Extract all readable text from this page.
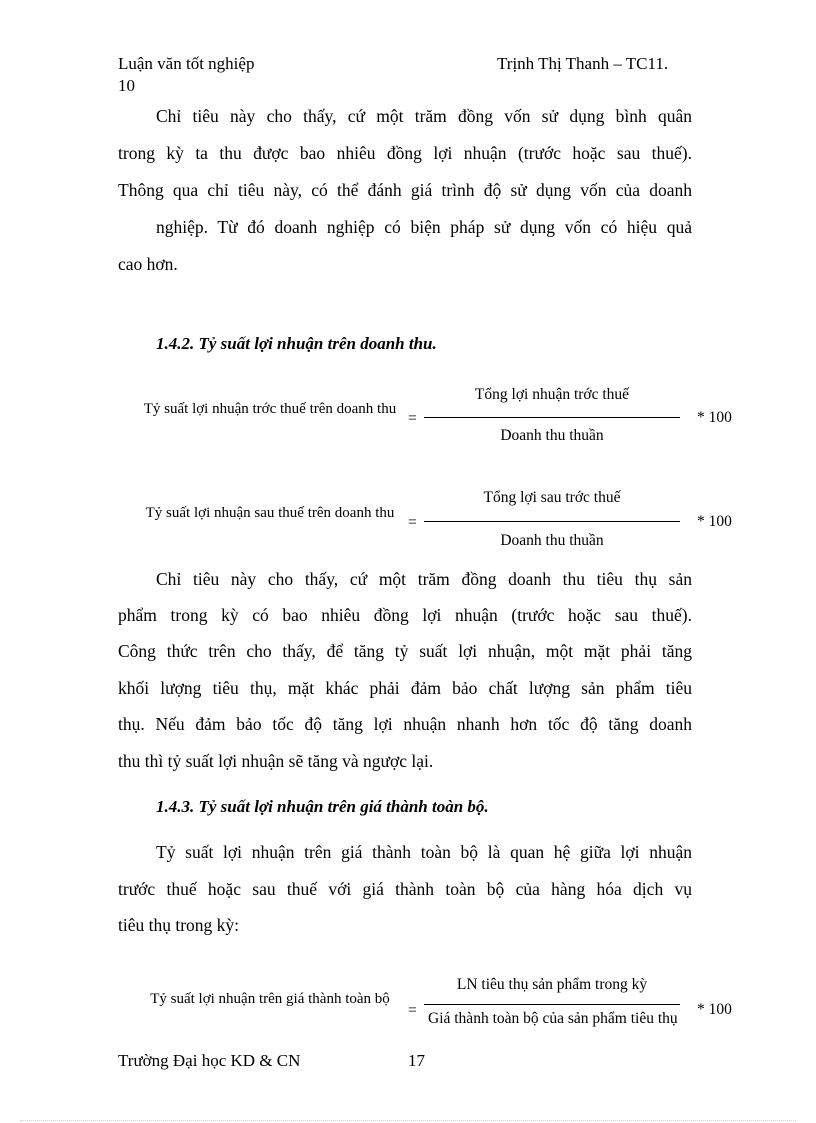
Luận văn tốt nghiệp	Trịnh Thị Thanh – TC11.
10
Chỉ tiêu này cho thấy, cứ một trăm đồng vốn sử dụng bình quân
trong kỳ ta thu được bao nhiêu đồng lợi nhuận (trước hoặc sau thuế).
Thông qua chỉ tiêu này, có thể đánh giá trình độ sử dụng vốn của doanh
nghiệp. Từ đó doanh nghiệp có biện pháp sử dụng vốn có hiệu quả
cao hơn.
1.4.2. Tỷ suất lợi nhuận trên doanh thu.
Tỷ suất lợi nhuận trớc thuế trên doanh thu
=
Tổng lợi nhuận trớc thuế
Doanh thu thuần
* 100
Tỷ suất lợi nhuận sau thuế trên doanh thu
=
Tổng lợi sau trớc thuế
Doanh thu thuần
* 100
Chỉ tiêu này cho thấy, cứ một trăm đồng doanh thu tiêu thụ sản
phẩm trong kỳ có bao nhiêu đồng lợi nhuận (trước hoặc sau thuế).
Công thức trên cho thấy, để tăng tỷ suất lợi nhuận, một mặt phải tăng
khối lượng tiêu thụ, mặt khác phải đảm bảo chất lượng sản phẩm tiêu
thụ. Nếu đảm bảo tốc độ tăng lợi nhuận nhanh hơn tốc độ tăng doanh
thu thì tỷ suất lợi nhuận sẽ tăng và ngược lại.
1.4.3. Tỷ suất lợi nhuận trên giá thành toàn bộ.
Tỷ suất lợi nhuận trên giá thành toàn bộ là quan hệ giữa lợi nhuận
trước thuế hoặc sau thuế với giá thành toàn bộ của hàng hóa dịch vụ
tiêu thụ trong kỳ:
Tỷ suất lợi nhuận trên giá thành toàn bộ
=
LN tiêu thụ sản phẩm trong kỳ
Giá thành toàn bộ của sản phẩm tiêu thụ
* 100
Trường Đại học KD & CN	17
